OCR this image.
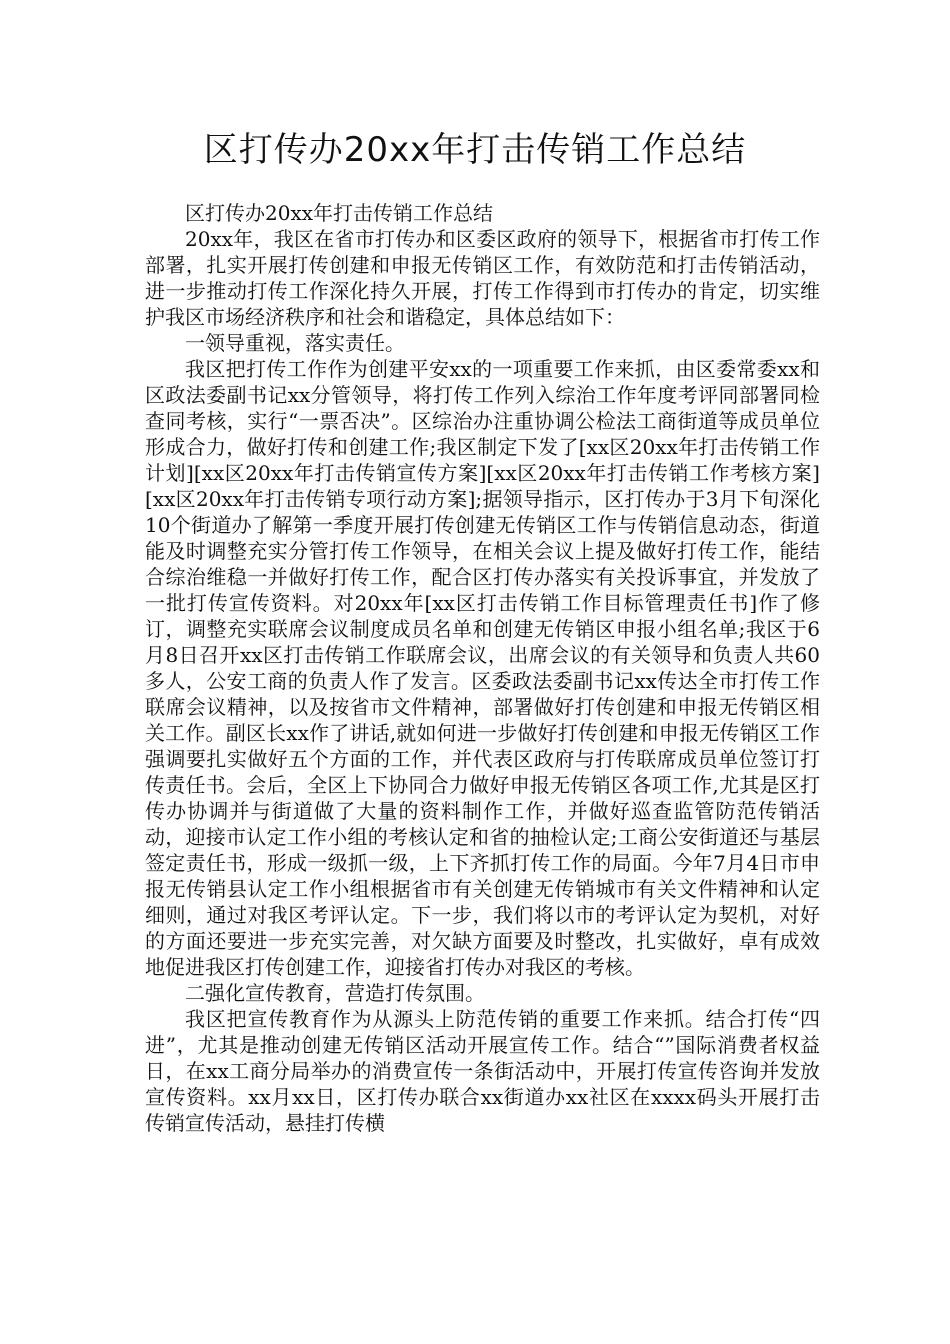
区打传办20xx年打击传销工作总结

区打传办20xx年打击传销工作总结

20xx年，我区在省市打传办和区委区政府的领导下，根据省市打传工作部署，扎实开展打传创建和申报无传销区工作，有效防范和打击传销活动，进一步推动打传工作深化持久开展，打传工作得到市打传办的肯定，切实维护我区市场经济秩序和社会和谐稳定，具体总结如下：

一领导重视，落实责任。

我区把打传工作作为创建平安xx的一项重要工作来抓，由区委常委xx和区政法委副书记xx分管领导，将打传工作列入综治工作年度考评同部署同检查同考核，实行“一票否决”。区综治办注重协调公检法工商街道等成员单位形成合力，做好打传和创建工作;我区制定下发了[xx区20xx年打击传销工作计划][xx区20xx年打击传销宣传方案][xx区20xx年打击传销工作考核方案][xx区20xx年打击传销专项行动方案];据领导指示，区打传办于3月下旬深化10个街道办了解第一季度开展打传创建无传销区工作与传销信息动态，街道能及时调整充实分管打传工作领导，在相关会议上提及做好打传工作，能结合综治维稳一并做好打传工作，配合区打传办落实有关投诉事宜，并发放了一批打传宣传资料。对20xx年[xx区打击传销工作目标管理责任书]作了修订，调整充实联席会议制度成员名单和创建无传销区申报小组名单;我区于6月8日召开xx区打击传销工作联席会议，出席会议的有关领导和负责人共60多人，公安工商的负责人作了发言。区委政法委副书记xx传达全市打传工作联席会议精神，以及按省市文件精神，部署做好打传创建和申报无传销区相关工作。副区长xx作了讲话,就如何进一步做好打传创建和申报无传销区工作强调要扎实做好五个方面的工作，并代表区政府与打传联席成员单位签订打传责任书。会后，全区上下协同合力做好申报无传销区各项工作,尤其是区打传办协调并与街道做了大量的资料制作工作，并做好巡查监管防范传销活动，迎接市认定工作小组的考核认定和省的抽检认定;工商公安街道还与基层签定责任书，形成一级抓一级，上下齐抓打传工作的局面。今年7月4日市申报无传销县认定工作小组根据省市有关创建无传销城市有关文件精神和认定细则，通过对我区考评认定。下一步，我们将以市的考评认定为契机，对好的方面还要进一步充实完善，对欠缺方面要及时整改，扎实做好，卓有成效地促进我区打传创建工作，迎接省打传办对我区的考核。

二强化宣传教育，营造打传氛围。

我区把宣传教育作为从源头上防范传销的重要工作来抓。结合打传“四进”，尤其是推动创建无传销区活动开展宣传工作。结合“”国际消费者权益日，在xx工商分局举办的消费宣传一条街活动中，开展打传宣传咨询并发放宣传资料。xx月xx日，区打传办联合xx街道办xx社区在xxxx码头开展打击传销宣传活动，悬挂打传横
